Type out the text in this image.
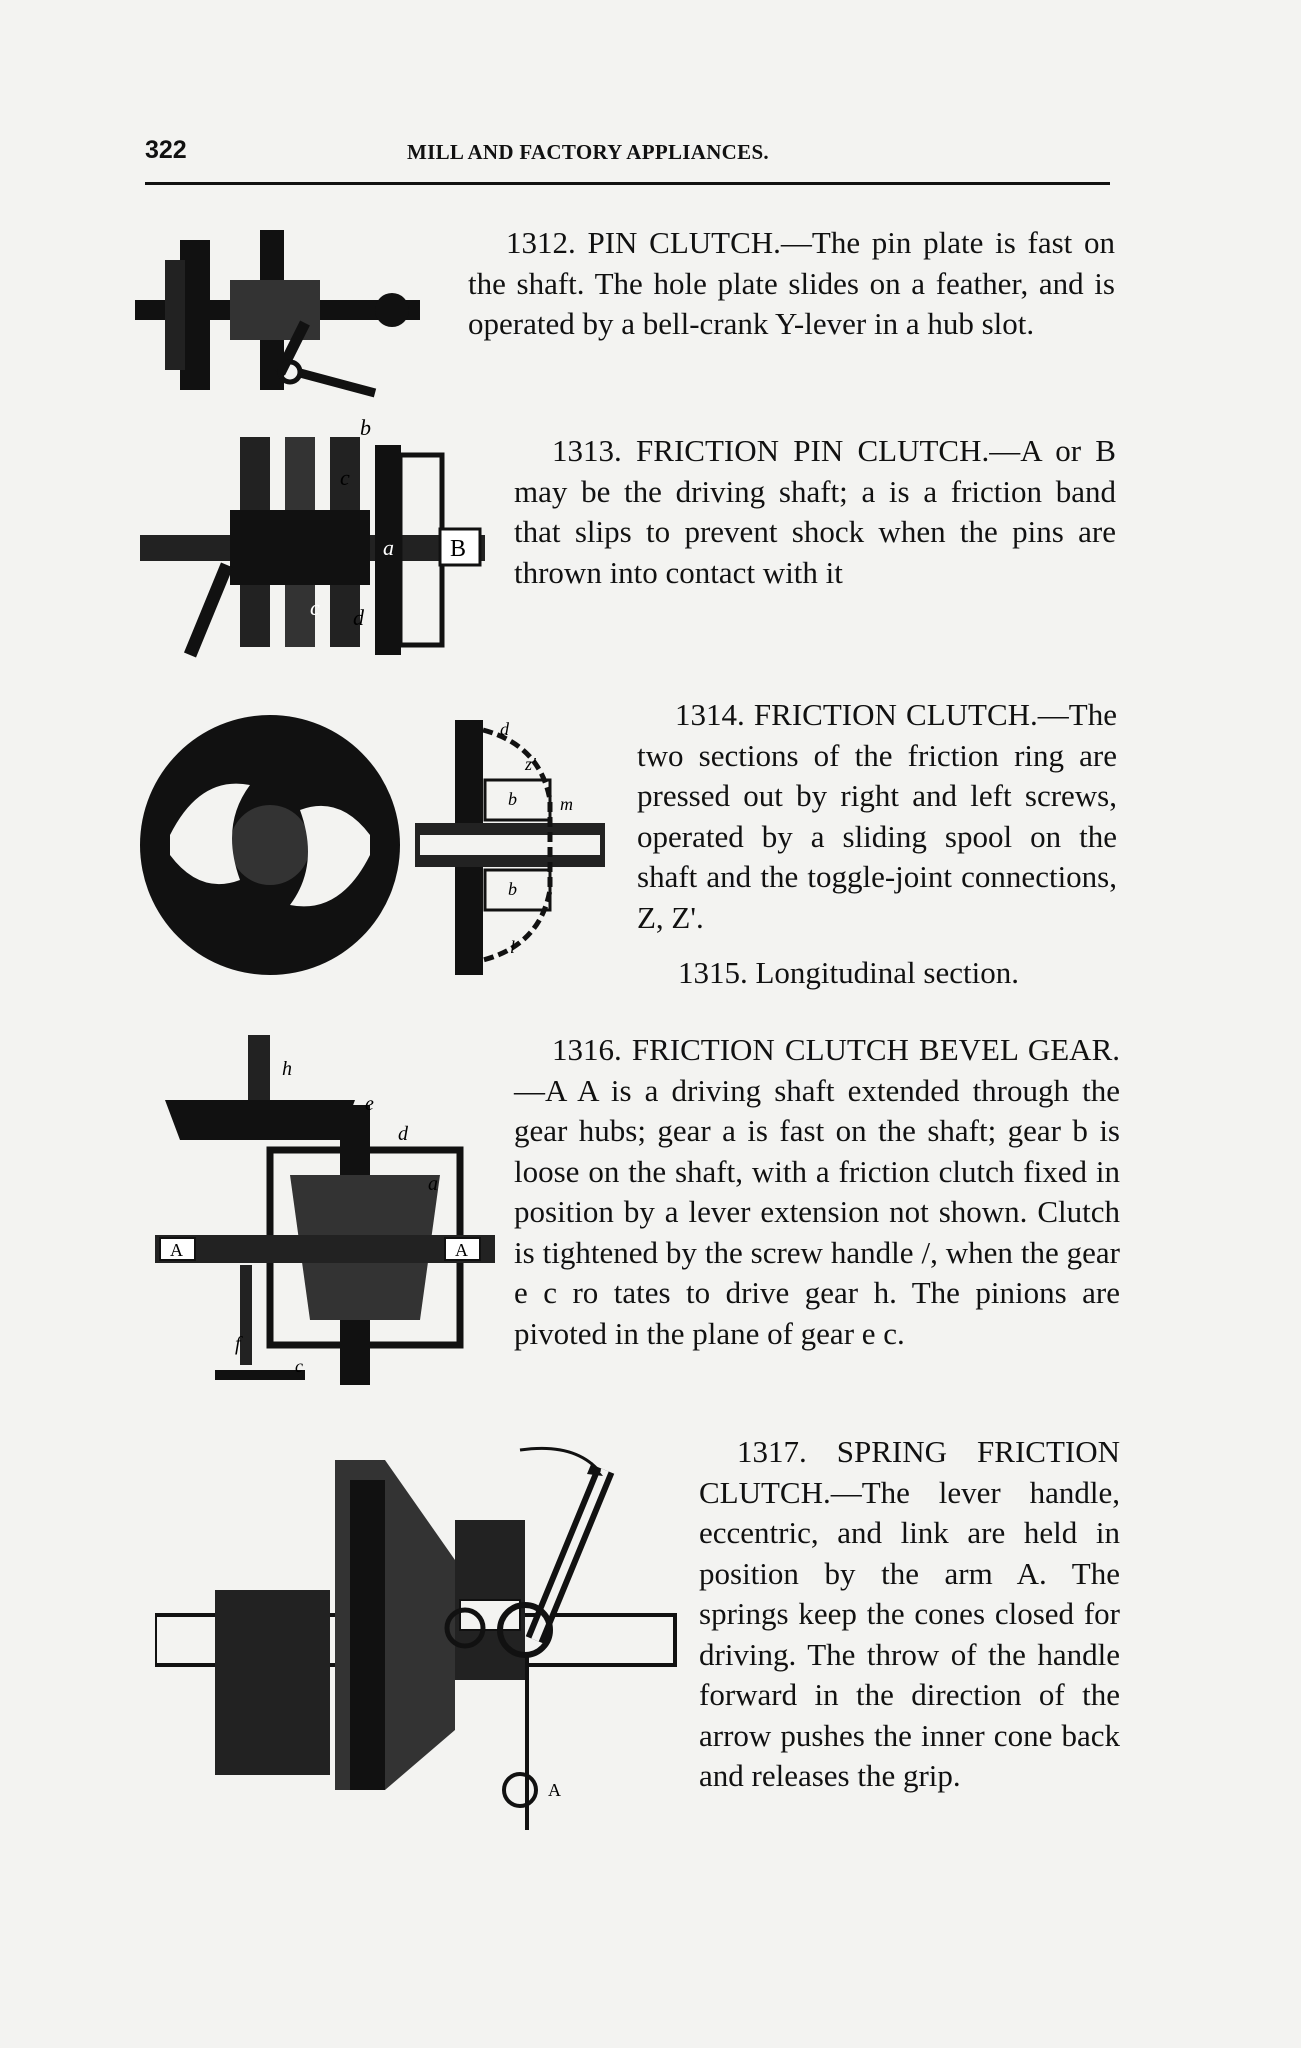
322	MILL AND FACTORY APPLIANCES.

1312. PIN CLUTCH.—The pin plate is fast on the shaft. The hole plate slides on a feather, and is operated by a bell-crank Y-lever in a hub slot.

b
c
a B
c d

1313. FRICTION PIN CLUTCH.—A or B may be the driving shaft; a is a friction band that slips to prevent shock when the pins are thrown into contact with it

d
z'
b m
b
l

1314. FRICTION CLUTCH.—The two sections of the friction ring are pressed out by right and left screws, operated by a sliding spool on the shaft and the toggle-joint connections, Z, Z'.

1315. Longitudinal section.
h
e
d
a
A	A
f
c

1316. FRICTION CLUTCH BEVEL GEAR.—A A is a driving shaft extended through the gear hubs; gear a is fast on the shaft; gear b is loose on the shaft, with a friction clutch fixed in position by a lever extension not shown. Clutch is tightened by the screw handle /, when the gear e c ro tates to drive gear h. The pinions are pivoted in the plane of gear e c.

A

1317. SPRING FRICTION CLUTCH.—The lever handle, eccentric, and link are held in position by the arm A. The springs keep the cones closed for driving. The throw of the handle forward in the direction of the arrow pushes the inner cone back and releases the grip.
